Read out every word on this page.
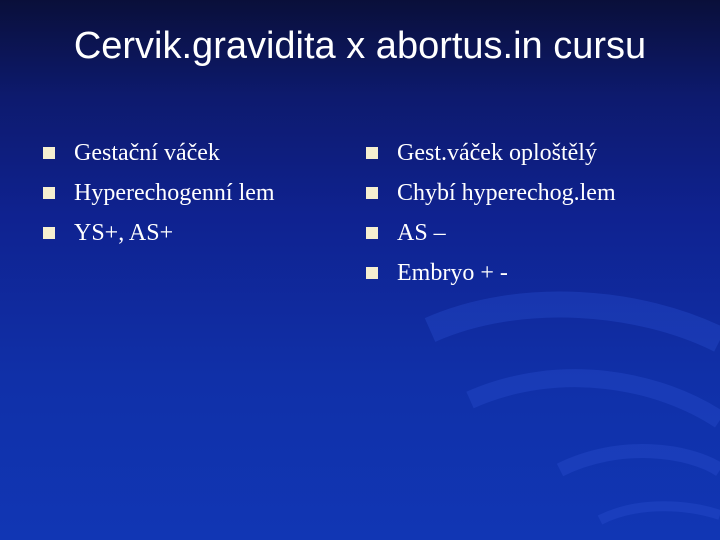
Cervik.gravidita x abortus.in cursu
Gestační váček
Hyperechogenní lem
YS+, AS+
Gest.váček oploštělý
Chybí hyperechog.lem
AS –
Embryo + -
